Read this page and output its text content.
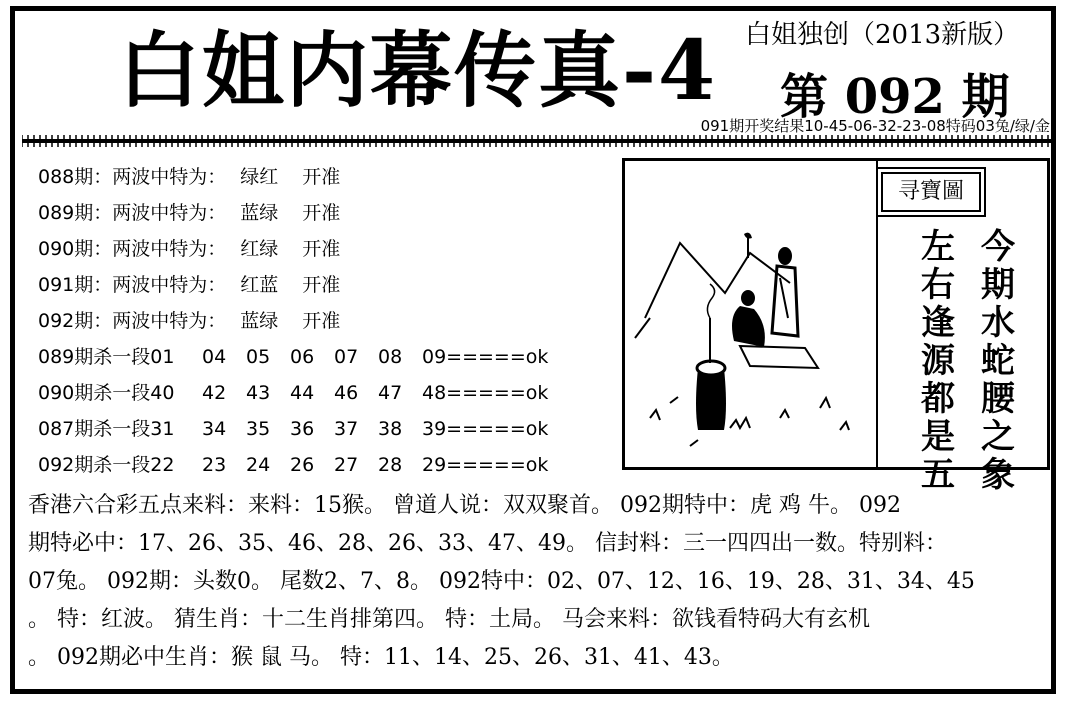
白姐内幕传真-4 白姐独创（2013新版）
第 092 期
091期开奖结果10-45-06-32-23-08特码03兔/绿/金
088期：两波中特为： 绿红 开准
089期：两波中特为： 蓝绿 开准
090期：两波中特为： 红绿 开准
091期：两波中特为： 红蓝 开准
092期：两波中特为： 蓝绿 开准
089期杀一段01 04 05 06 07 08 09=====ok
090期杀一段40 42 43 44 46 47 48=====ok
087期杀一段31 34 35 36 37 38 39=====ok
092期杀一段22 23 24 26 27 28 29=====ok
寻寶圖
今
期
水
蛇
腰
之
象
左
右
逢
源
都
是
五
香港六合彩五点来料：来料：15猴。 曾道人说：双双聚首。 092期特中：虎 鸡 牛。 092
期特必中：17、26、35、46、28、26、33、47、49。 信封料：三一四四出一数。特别料：
07兔。 092期：头数0。 尾数2、7、8。 092特中：02、07、12、16、19、28、31、34、45
。 特：红波。 猜生肖：十二生肖排第四。 特：土局。 马会来料：欲钱看特码大有玄机
。 092期必中生肖：猴 鼠 马。 特：11、14、25、26、31、41、43。
